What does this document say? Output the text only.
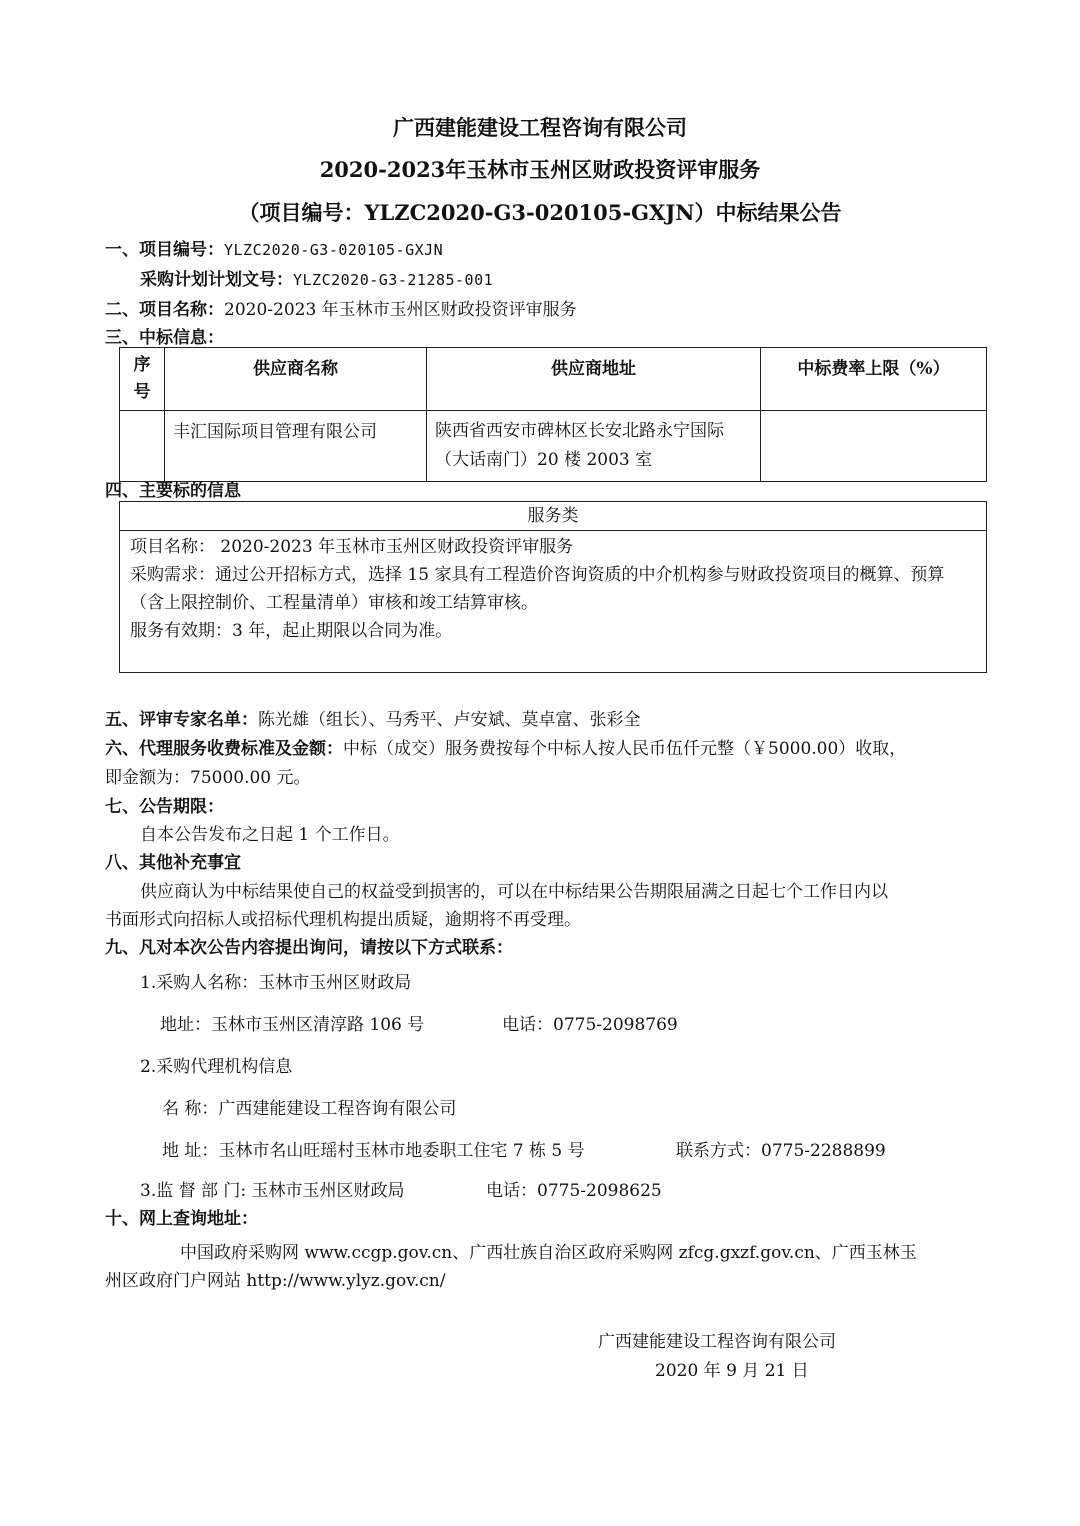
广西建能建设工程咨询有限公司
2020-2023年玉林市玉州区财政投资评审服务
（项目编号：YLZC2020-G3-020105-GXJN）中标结果公告
一、项目编号：YLZC2020-G3-020105-GXJN
采购计划计划文号：YLZC2020-G3-21285-001
二、项目名称：2020-2023 年玉林市玉州区财政投资评审服务
三、中标信息：
序号	供应商名称	供应商地址	中标费率上限（%）
	丰汇国际项目管理有限公司	陕西省西安市碑林区长安北路永宁国际（大话南门）20 楼 2003 室	
四、主要标的信息
服务类
项目名称： 2020-2023 年玉林市玉州区财政投资评审服务
采购需求：通过公开招标方式，选择 15 家具有工程造价咨询资质的中介机构参与财政投资项目的概算、预算（含上限控制价、工程量清单）审核和竣工结算审核。
服务有效期：3 年，起止期限以合同为准。
五、评审专家名单：陈光雄（组长）、马秀平、卢安斌、莫卓富、张彩全
六、代理服务收费标准及金额：中标（成交）服务费按每个中标人按人民币伍仟元整（￥5000.00）收取，
即金额为：75000.00 元。
七、公告期限：
自本公告发布之日起 1 个工作日。
八、其他补充事宜
供应商认为中标结果使自己的权益受到损害的，可以在中标结果公告期限届满之日起七个工作日内以
书面形式向招标人或招标代理机构提出质疑，逾期将不再受理。
九、凡对本次公告内容提出询问，请按以下方式联系：
1.采购人名称：玉林市玉州区财政局
地址：玉林市玉州区清淳路 106 号	电话：0775-2098769
2.采购代理机构信息
名 称：广西建能建设工程咨询有限公司
地 址：玉林市名山旺瑶村玉林市地委职工住宅 7 栋 5 号	联系方式：0775-2288899
3.监 督 部 门: 玉林市玉州区财政局	电话：0775-2098625
十、网上查询地址：
中国政府采购网 www.ccgp.gov.cn、广西壮族自治区政府采购网 zfcg.gxzf.gov.cn、广西玉林玉
州区政府门户网站 http://www.ylyz.gov.cn/
广西建能建设工程咨询有限公司
2020 年 9 月 21 日
